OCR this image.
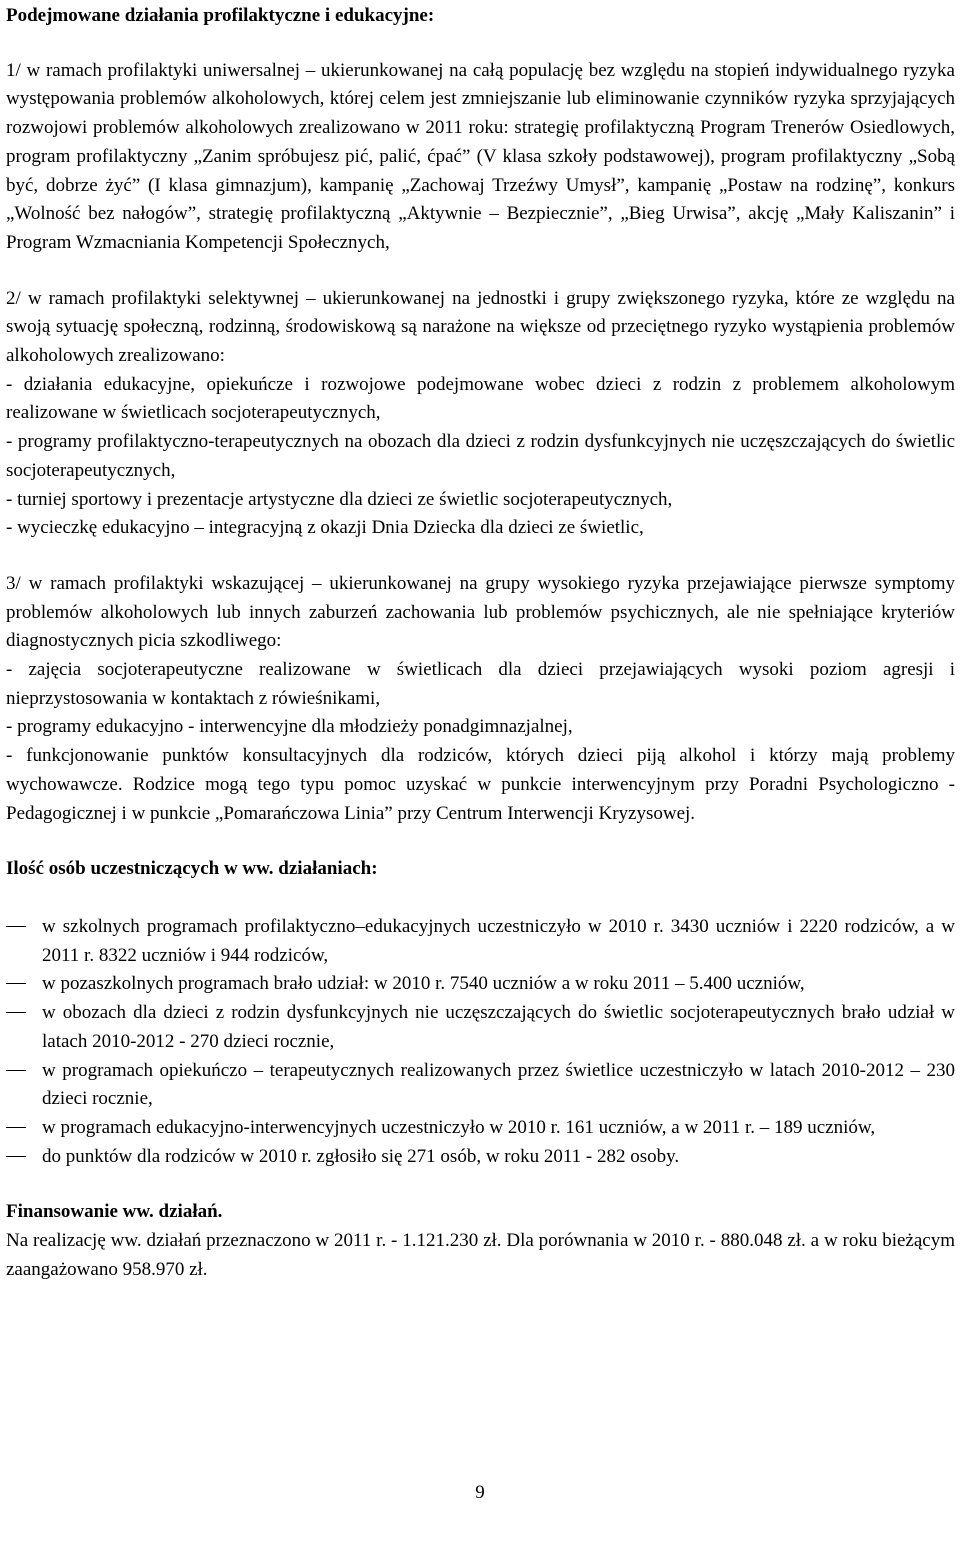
Podejmowane działania profilaktyczne i edukacyjne:

1/ w ramach profilaktyki uniwersalnej – ukierunkowanej na całą populację bez względu na stopień indywidualnego ryzyka występowania problemów alkoholowych, której celem jest zmniejszanie lub eliminowanie czynników ryzyka sprzyjających rozwojowi problemów alkoholowych zrealizowano w 2011 roku: strategię profilaktyczną Program Trenerów Osiedlowych, program profilaktyczny „Zanim spróbujesz pić, palić, ćpać” (V klasa szkoły podstawowej), program profilaktyczny „Sobą być, dobrze żyć” (I klasa gimnazjum), kampanię „Zachowaj Trzeźwy Umysł”, kampanię „Postaw na rodzinę”, konkurs „Wolność bez nałogów”, strategię profilaktyczną „Aktywnie – Bezpiecznie”, „Bieg Urwisa”, akcję „Mały Kaliszanin” i Program Wzmacniania Kompetencji Społecznych,

2/ w ramach profilaktyki selektywnej – ukierunkowanej na jednostki i grupy zwiększonego ryzyka, które ze względu na swoją sytuację społeczną, rodzinną, środowiskową są narażone na większe od przeciętnego ryzyko wystąpienia problemów alkoholowych zrealizowano:

- działania edukacyjne, opiekuńcze i rozwojowe podejmowane wobec dzieci z rodzin z problemem alkoholowym realizowane w świetlicach socjoterapeutycznych,

- programy profilaktyczno-terapeutycznych na obozach dla dzieci z rodzin dysfunkcyjnych nie uczęszczających do świetlic socjoterapeutycznych,

- turniej sportowy i prezentacje artystyczne dla dzieci ze świetlic socjoterapeutycznych,

- wycieczkę edukacyjno – integracyjną z okazji Dnia Dziecka dla dzieci ze świetlic,

3/ w ramach profilaktyki wskazującej – ukierunkowanej na grupy wysokiego ryzyka przejawiające pierwsze symptomy problemów alkoholowych lub innych zaburzeń zachowania lub problemów psychicznych, ale nie spełniające kryteriów diagnostycznych picia szkodliwego:

- zajęcia socjoterapeutyczne realizowane w świetlicach dla dzieci przejawiających wysoki poziom agresji i nieprzystosowania w kontaktach z rówieśnikami,

- programy edukacyjno - interwencyjne dla młodzieży ponadgimnazjalnej,

- funkcjonowanie punktów konsultacyjnych dla rodziców, których dzieci piją alkohol i którzy mają problemy wychowawcze. Rodzice mogą tego typu pomoc uzyskać w punkcie interwencyjnym przy Poradni Psychologiczno - Pedagogicznej i w punkcie „Pomarańczowa Linia” przy Centrum Interwencji Kryzysowej.

Ilość osób uczestniczących w ww. działaniach:

w szkolnych programach profilaktyczno–edukacyjnych uczestniczyło w 2010 r. 3430 uczniów i 2220 rodziców, a w 2011 r. 8322 uczniów i 944 rodziców,
w pozaszkolnych programach brało udział: w 2010 r. 7540 uczniów a w roku 2011 – 5.400 uczniów,
w obozach dla dzieci z rodzin dysfunkcyjnych nie uczęszczających do świetlic socjoterapeutycznych brało udział w latach 2010-2012 - 270 dzieci rocznie,
w programach opiekuńczo – terapeutycznych realizowanych przez świetlice uczestniczyło w latach 2010-2012 – 230 dzieci rocznie,
w programach edukacyjno-interwencyjnych uczestniczyło w 2010 r. 161 uczniów, a w 2011 r. – 189 uczniów,
do punktów dla rodziców w 2010 r. zgłosiło się 271 osób, w roku 2011 - 282 osoby.

Finansowanie ww. działań.

Na realizację ww. działań przeznaczono w 2011 r. - 1.121.230 zł. Dla porównania w 2010 r. - 880.048 zł. a w roku bieżącym zaangażowano 958.970 zł.

9
